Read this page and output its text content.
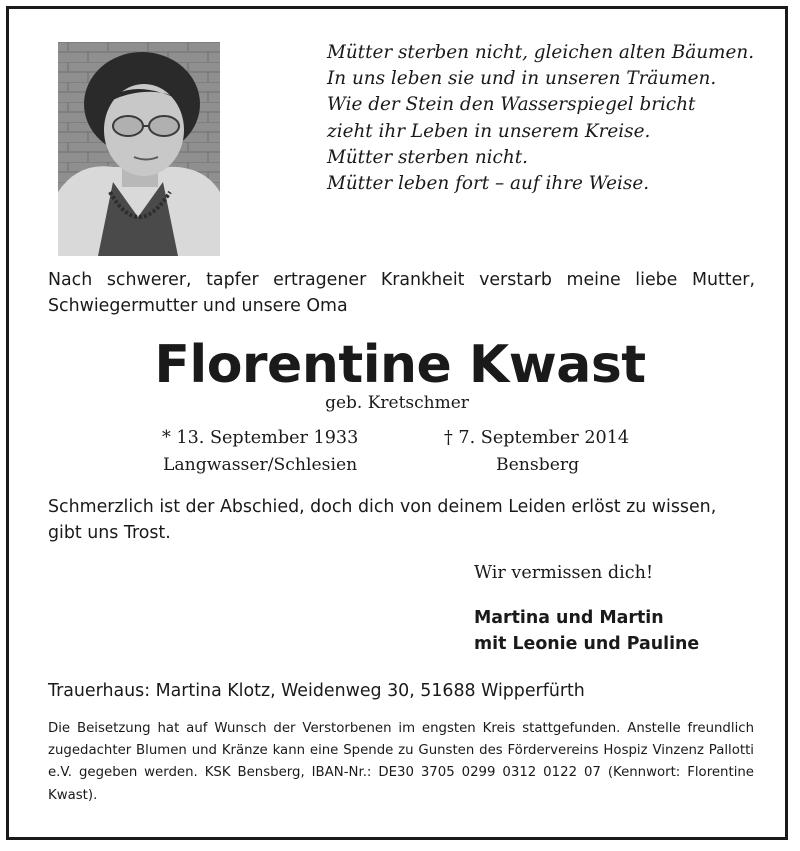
Mütter sterben nicht, gleichen alten Bäumen.
In uns leben sie und in unseren Träumen.
Wie der Stein den Wasserspiegel bricht
zieht ihr Leben in unserem Kreise.
Mütter sterben nicht.
Mütter leben fort – auf ihre Weise.
Nach schwerer, tapfer ertragener Krankheit verstarb meine liebe Mutter, Schwiegermutter und unsere Oma
Florentine Kwast
geb. Kretschmer
* 13. September 1933	† 7. September 2014
Langwasser/Schlesien	Bensberg
Schmerzlich ist der Abschied, doch dich von deinem Leiden erlöst zu wissen, gibt uns Trost.
Wir vermissen dich!
Martina und Martin
mit Leonie und Pauline
Trauerhaus: Martina Klotz, Weidenweg 30, 51688 Wipperfürth
Die Beisetzung hat auf Wunsch der Verstorbenen im engsten Kreis stattgefunden. Anstelle freundlich zugedachter Blumen und Kränze kann eine Spende zu Gunsten des Fördervereins Hospiz Vinzenz Pallotti e.V. gegeben werden. KSK Bensberg, IBAN-Nr.: DE30 3705 0299 0312 0122 07 (Kennwort: Florentine Kwast).
